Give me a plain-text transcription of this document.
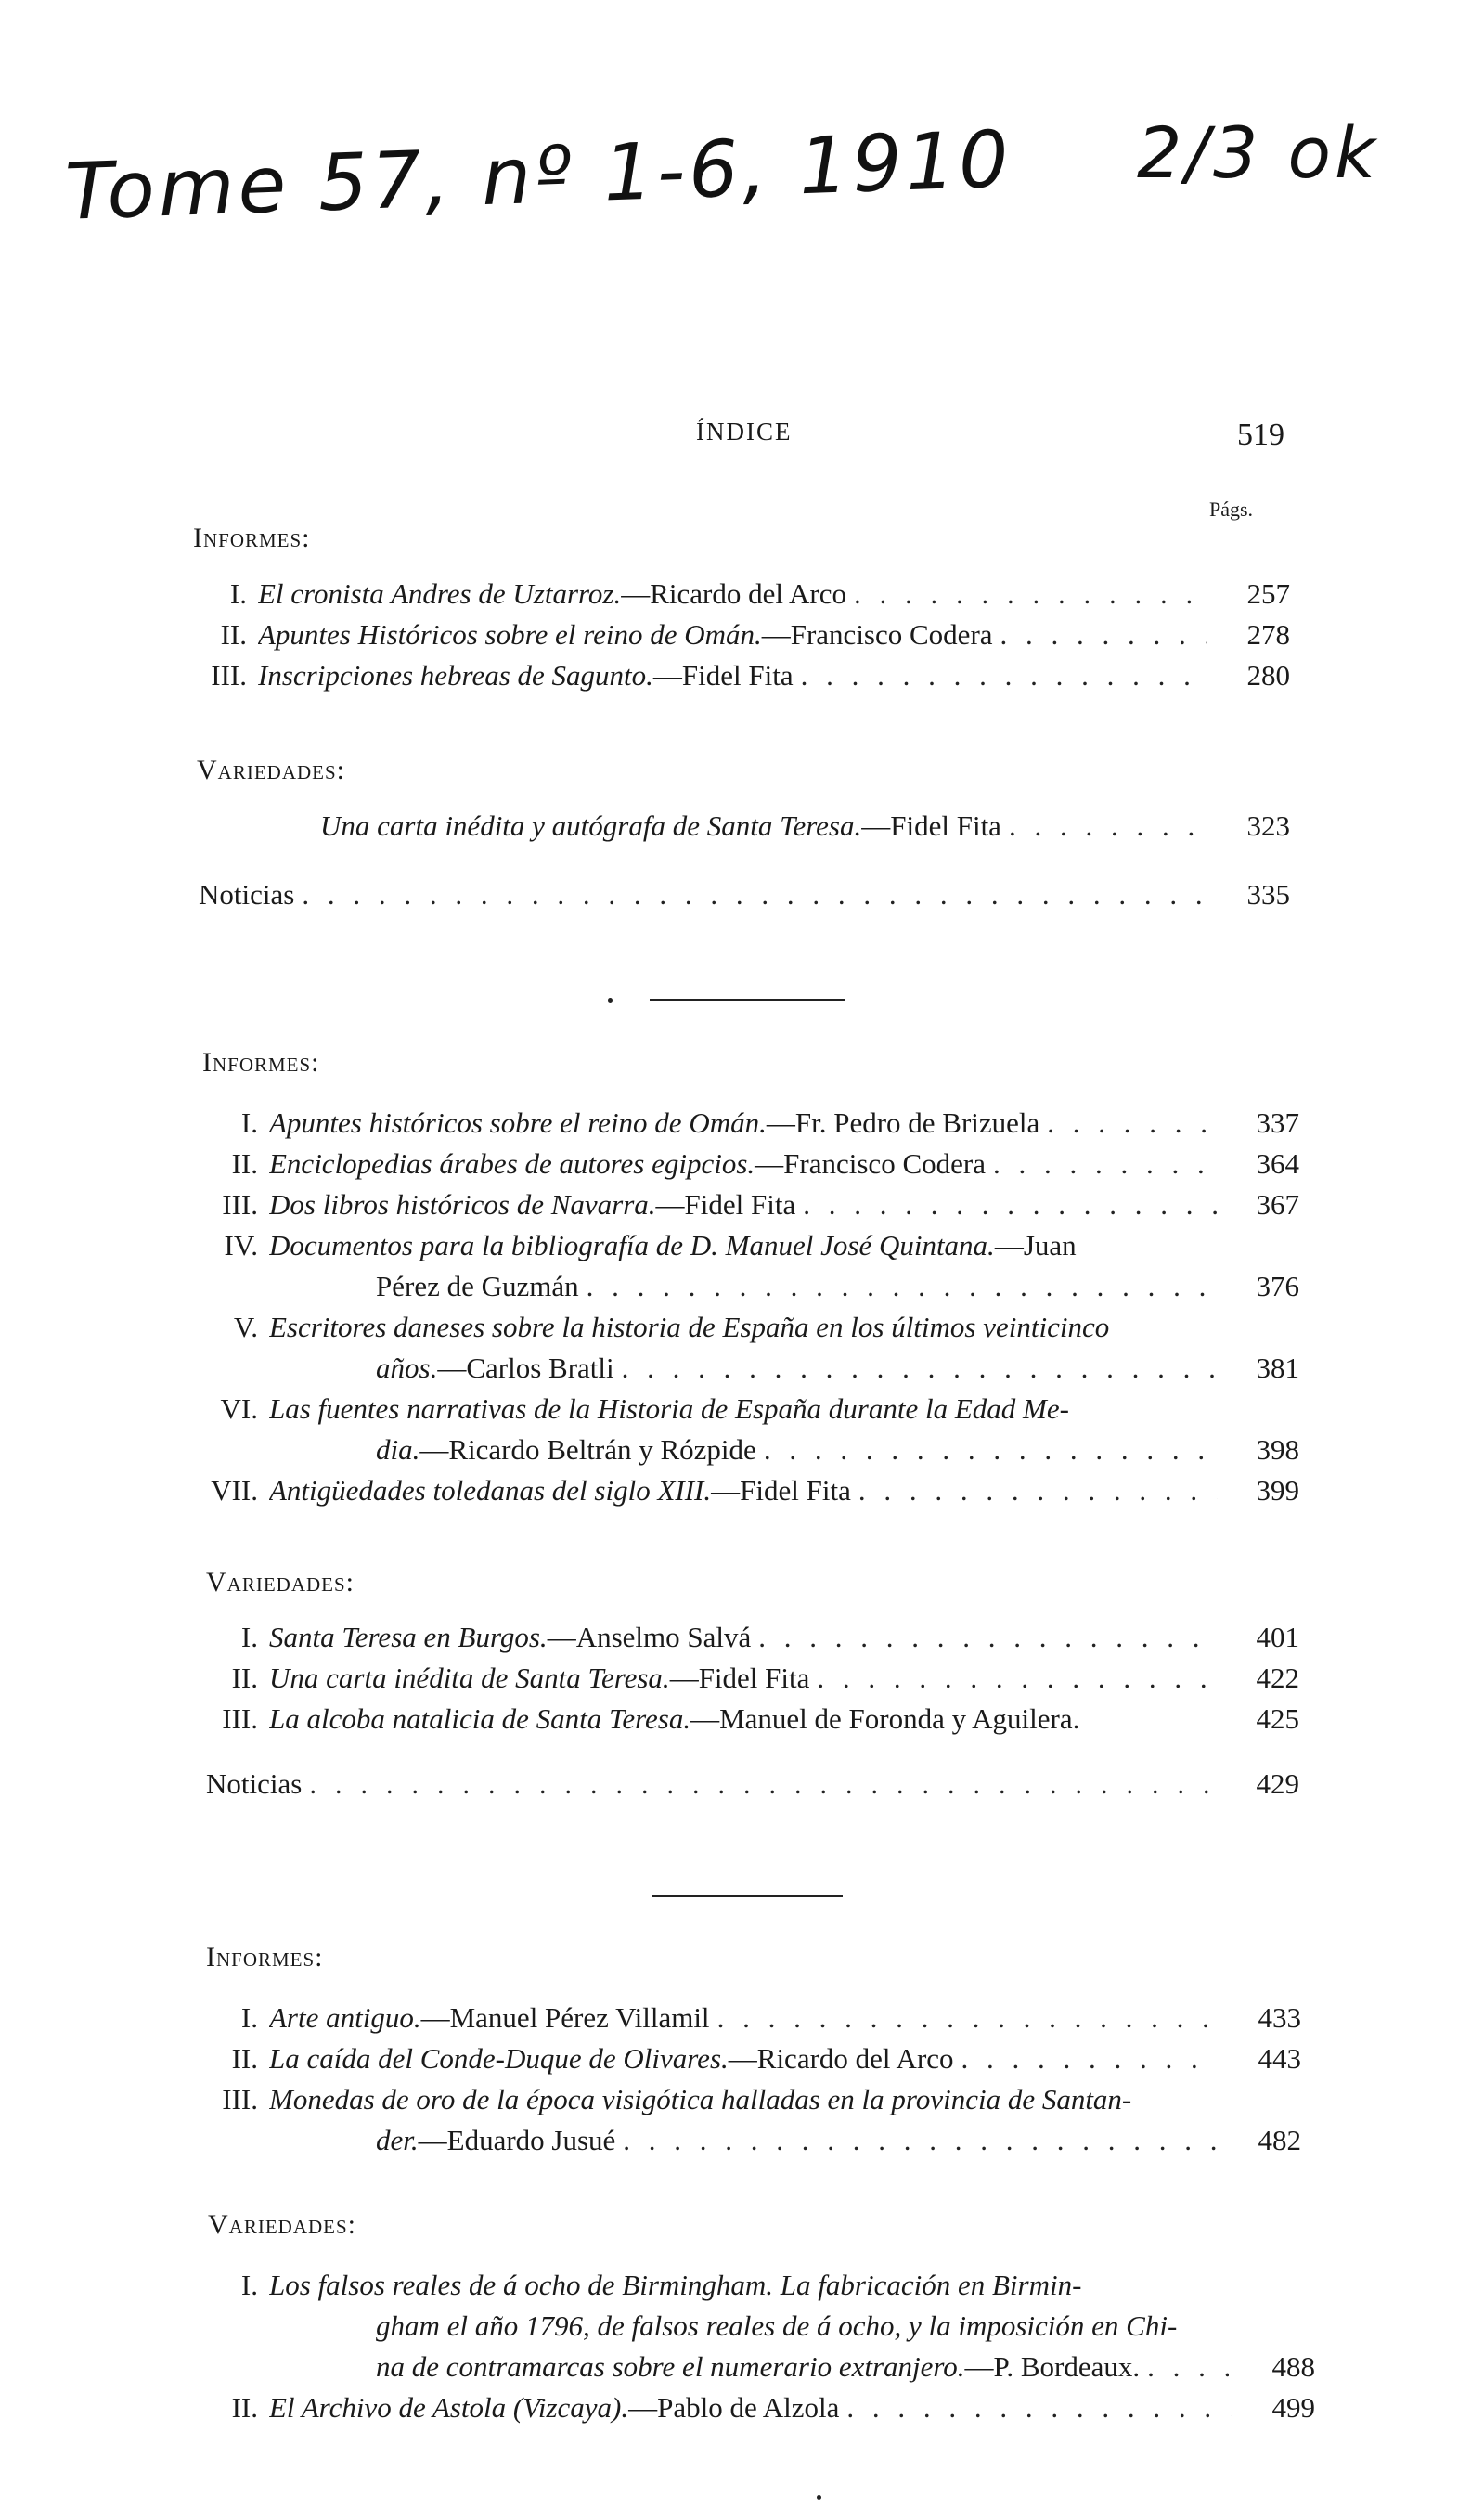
Tome 57, nº 1-6, 1910 2/3 ok
ÍNDICE	519
Págs.
Informes:
I. El cronista Andres de Uztarroz. —Ricardo del Arco . . .	257
II. Apuntes Históricos sobre el reino de Omán. —Francisco Codera . . .	278
III. Inscripciones hebreas de Sagunto. —Fidel Fita . . .	280
Variedades:
Una carta inédita y autógrafa de Santa Teresa. —Fidel Fita . . .	323
Noticias . . .	335
Informes:
I. Apuntes históricos sobre el reino de Omán. —Fr. Pedro de Brizuela . . .	337
II. Enciclopedias árabes de autores egipcios. —Francisco Codera . . .	364
III. Dos libros históricos de Navarra. —Fidel Fita . . .	367
IV. Documentos para la bibliografía de D. Manuel José Quintana. —Juan
Pérez de Guzmán . . .	376
V. Escritores daneses sobre la historia de España en los últimos veinticinco
años. —Carlos Bratli . . .	381
VI. Las fuentes narrativas de la Historia de España durante la Edad Me-
dia. —Ricardo Beltrán y Rózpide . . .	398
VII. Antigüedades toledanas del siglo XIII. —Fidel Fita . . .	399
Variedades:
I. Santa Teresa en Burgos. —Anselmo Salvá . . .	401
II. Una carta inédita de Santa Teresa. —Fidel Fita . . .	422
III. La alcoba natalicia de Santa Teresa. —Manuel de Foronda y Aguilera.	425
Noticias . . .	429
Informes:
I. Arte antiguo. —Manuel Pérez Villamil . . .	433
II. La caída del Conde-Duque de Olivares. —Ricardo del Arco . . .	443
III. Monedas de oro de la época visigótica halladas en la provincia de Santan-
der. —Eduardo Jusué . . .	482
Variedades:
I. Los falsos reales de á ocho de Birmingham. La fabricación en Birmin-
gham el año 1796, de falsos reales de á ocho, y la imposición en Chi-
na de contramarcas sobre el numerario extranjero. —P. Bordeaux. . . .	488
II. El Archivo de Astola (Vizcaya). —Pablo de Alzola . . .	499
